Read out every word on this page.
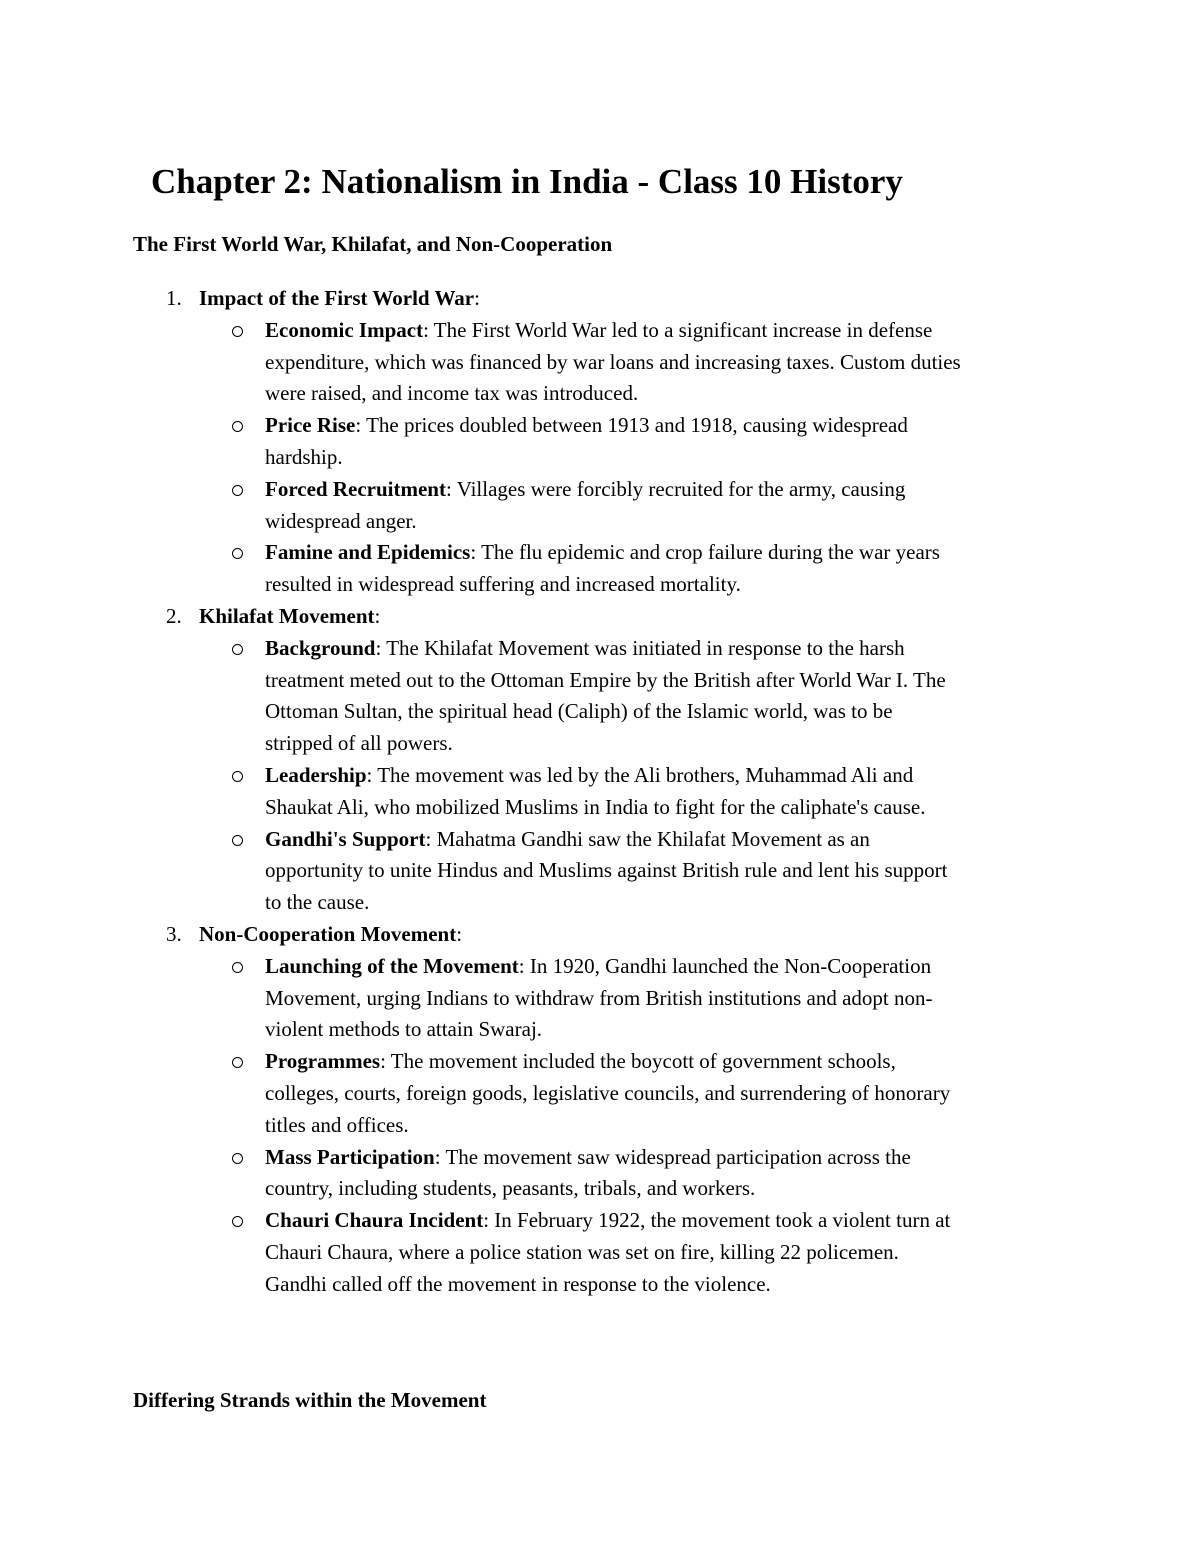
Chapter 2: Nationalism in India - Class 10 History
The First World War, Khilafat, and Non-Cooperation
1. Impact of the First World War:
Economic Impact: The First World War led to a significant increase in defense expenditure, which was financed by war loans and increasing taxes. Custom duties were raised, and income tax was introduced.
Price Rise: The prices doubled between 1913 and 1918, causing widespread hardship.
Forced Recruitment: Villages were forcibly recruited for the army, causing widespread anger.
Famine and Epidemics: The flu epidemic and crop failure during the war years resulted in widespread suffering and increased mortality.
2. Khilafat Movement:
Background: The Khilafat Movement was initiated in response to the harsh treatment meted out to the Ottoman Empire by the British after World War I. The Ottoman Sultan, the spiritual head (Caliph) of the Islamic world, was to be stripped of all powers.
Leadership: The movement was led by the Ali brothers, Muhammad Ali and Shaukat Ali, who mobilized Muslims in India to fight for the caliphate's cause.
Gandhi's Support: Mahatma Gandhi saw the Khilafat Movement as an opportunity to unite Hindus and Muslims against British rule and lent his support to the cause.
3. Non-Cooperation Movement:
Launching of the Movement: In 1920, Gandhi launched the Non-Cooperation Movement, urging Indians to withdraw from British institutions and adopt non-violent methods to attain Swaraj.
Programmes: The movement included the boycott of government schools, colleges, courts, foreign goods, legislative councils, and surrendering of honorary titles and offices.
Mass Participation: The movement saw widespread participation across the country, including students, peasants, tribals, and workers.
Chauri Chaura Incident: In February 1922, the movement took a violent turn at Chauri Chaura, where a police station was set on fire, killing 22 policemen. Gandhi called off the movement in response to the violence.
Differing Strands within the Movement
